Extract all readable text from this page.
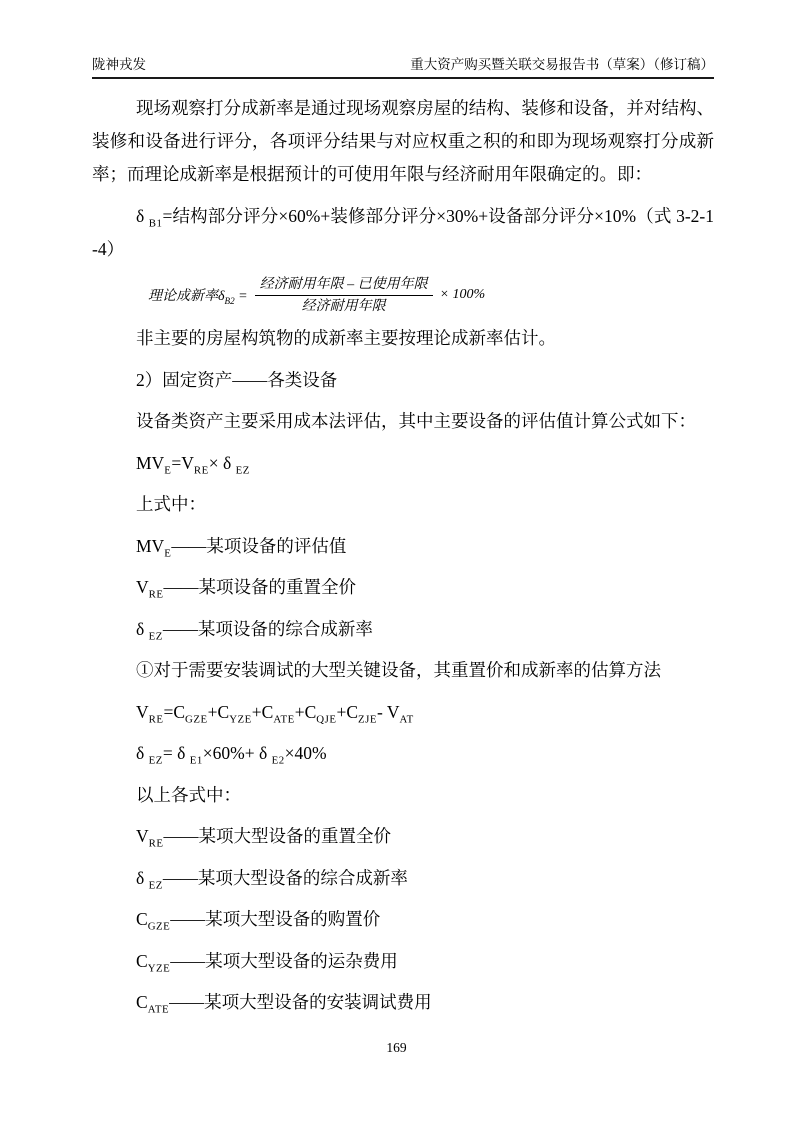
陇神戎发	重大资产购买暨关联交易报告书（草案）（修订稿）

现场观察打分成新率是通过现场观察房屋的结构、装修和设备，并对结构、装修和设备进行评分，各项评分结果与对应权重之积的和即为现场观察打分成新率；而理论成新率是根据预计的可使用年限与经济耐用年限确定的。即：

δ $_{B1}$=结构部分评分×60%+装修部分评分×30%+设备部分评分×10%（式 3-2-1-4）

理论成新率$\delta_{B2} = \frac{\text{经济耐用年限 – 已使用年限}}{\text{经济耐用年限}} \times 100\%$

非主要的房屋构筑物的成新率主要按理论成新率估计。

2）固定资产——各类设备

设备类资产主要采用成本法评估，其中主要设备的评估值计算公式如下：

$MV_E=V_{RE}\times \delta$ $_{EZ}$

上式中：

$MV_E——$某项设备的评估值

$V_{RE}——$某项设备的重置全价

δ $_{EZ}$——某项设备的综合成新率

①对于需要安装调试的大型关键设备，其重置价和成新率的估算方法

$V_{RE}=C_{GZE}+C_{YZE}+C_{ATE}+C_{QJE}+C_{ZJE}-$ $V_{AT}$

δ $_{EZ}$= δ $_{E1}$×60%+ δ $_{E2}$×40%

以上各式中：

$V_{RE}——$某项大型设备的重置全价

δ $_{EZ}$——某项大型设备的综合成新率

$C_{GZE}——$某项大型设备的购置价

$C_{YZE}——$某项大型设备的运杂费用

$C_{ATE}——$某项大型设备的安装调试费用

169
